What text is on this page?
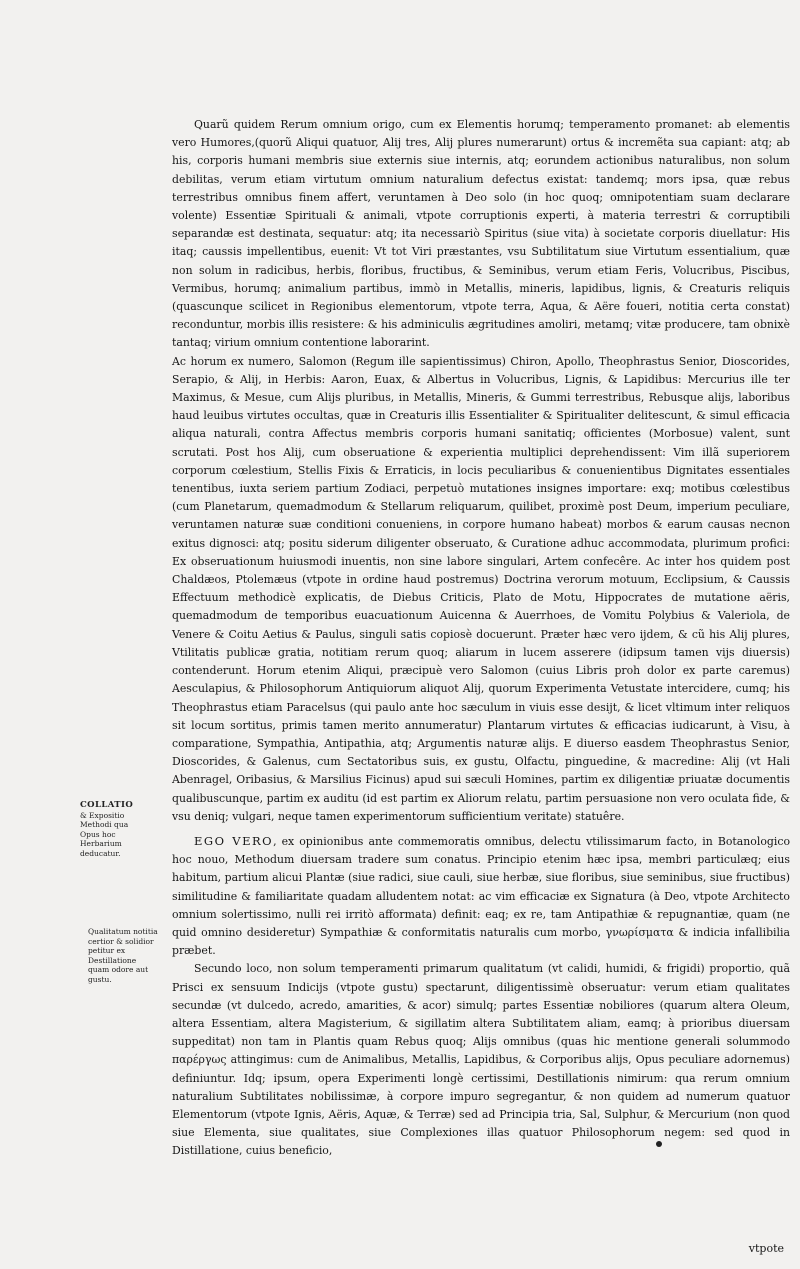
COLLATIO
& Expositio Methodi qua Opus hoc Herbarium deducatur.
Qualitatum notitia certior & solidior petitur ex Destillatione quam odore aut gustu.

Quarũ quidem Rerum omnium origo, cum ex Elementis horumq; temperamento promanet: ab elementis vero Humores,(quorũ Aliqui quatuor, Alij tres, Alij plures numerarunt) ortus & incremẽta sua capiant: atq; ab his, corporis humani membris siue externis siue internis, atq; eorundem actionibus naturalibus, non solum debilitas, verum etiam virtutum omnium naturalium defectus existat: tandemq; mors ipsa, quæ rebus terrestribus omnibus finem affert, veruntamen à Deo solo (in hoc quoq; omnipotentiam suam declarare volente) Essentiæ Spirituali & animali, vtpote corruptionis experti, à materia terrestri & corruptibili separandæ est destinata, sequatur: atq; ita necessariò Spiritus (siue vita) à societate corporis diuellatur: His itaq; caussis impellentibus, euenit: Vt tot Viri præstantes, vsu Subtilitatum siue Virtutum essentialium, quæ non solum in radicibus, herbis, floribus, fructibus, & Seminibus, verum etiam Feris, Volucribus, Piscibus, Vermibus, horumq; animalium partibus, immò in Metallis, mineris, lapidibus, lignis, & Creaturis reliquis (quascunque scilicet in Regionibus elementorum, vtpote terra, Aqua, & Aëre foueri, notitia certa constat) reconduntur, morbis illis resistere: & his adminiculis ægritudines amoliri, metamq; vitæ producere, tam obnixè tantaq; virium omnium contentione laborarint.

Ac horum ex numero, Salomon (Regum ille sapientissimus) Chiron, Apollo, Theophrastus Senior, Dioscorides, Serapio, & Alij, in Herbis: Aaron, Euax, & Albertus in Volucribus, Lignis, & Lapidibus: Mercurius ille ter Maximus, & Mesue, cum Alijs pluribus, in Metallis, Mineris, & Gummi terrestribus, Rebusque alijs, laboribus haud leuibus virtutes occultas, quæ in Creaturis illis Essentialiter & Spiritualiter delitescunt, & simul efficacia aliqua naturali, contra Affectus membris corporis humani sanitatiq; officientes (Morbosue) valent, sunt scrutati. Post hos Alij, cum obseruatione & experientia multiplici deprehendissent: Vim illã superiorem corporum cœlestium, Stellis Fixis & Erraticis, in locis peculiaribus & conuenientibus Dignitates essentiales tenentibus, iuxta seriem partium Zodiaci, perpetuò mutationes insignes importare: exq; motibus cœlestibus (cum Planetarum, quemadmodum & Stellarum reliquarum, quilibet, proximè post Deum, imperium peculiare, veruntamen naturæ suæ conditioni conueniens, in corpore humano habeat) morbos & earum causas necnon exitus dignosci: atq; positu siderum diligenter obseruato, & Curatione adhuc accommodata, plurimum profici: Ex obseruationum huiusmodi inuentis, non sine labore singulari, Artem confecêre. Ac inter hos quidem post Chaldæos, Ptolemæus (vtpote in ordine haud postremus) Doctrina verorum motuum, Ecclipsium, & Caussis Effectuum methodicè explicatis, de Diebus Criticis, Plato de Motu, Hippocrates de mutatione aëris, quemadmodum de temporibus euacuationum Auicenna & Auerrhoes, de Vomitu Polybius & Valeriola, de Venere & Coitu Aetius & Paulus, singuli satis copiosè docuerunt. Præter hæc vero ijdem, & cũ his Alij plures, Vtilitatis publicæ gratia, notitiam rerum quoq; aliarum in lucem asserere (idipsum tamen vijs diuersis) contenderunt. Horum etenim Aliqui, præcipuè vero Salomon (cuius Libris proh dolor ex parte caremus) Aesculapius, & Philosophorum Antiquiorum aliquot Alij, quorum Experimenta Vetustate intercidere, cumq; his Theophrastus etiam Paracelsus (qui paulo ante hoc sæculum in viuis esse desijt, & licet vltimum inter reliquos sit locum sortitus, primis tamen merito annumeratur) Plantarum virtutes & efficacias iudicarunt, à Visu, à comparatione, Sympathia, Antipathia, atq; Argumentis naturæ alijs. E diuerso easdem Theophrastus Senior, Dioscorides, & Galenus, cum Sectatoribus suis, ex gustu, Olfactu, pinguedine, & macredine: Alij (vt Hali Abenragel, Oribasius, & Marsilius Ficinus) apud sui sæculi Homines, partim ex diligentiæ priuatæ documentis qualibuscunque, partim ex auditu (id est partim ex Aliorum relatu, partim persuasione non vero oculata fide, & vsu deniq; vulgari, neque tamen experimentorum sufficientium veritate) statuêre.

EGO VERO, ex opinionibus ante commemoratis omnibus, delectu vtilissimarum facto, in Botanologico hoc nouo, Methodum diuersam tradere sum conatus. Principio etenim hæc ipsa, membri particulæq; eius habitum, partium alicui Plantæ (siue radici, siue cauli, siue herbæ, siue floribus, siue seminibus, siue fructibus) similitudine & familiaritate quadam alludentem notat: ac vim efficaciæ ex Signatura (à Deo, vtpote Architecto omnium solertissimo, nulli rei irritò afformata) definit: eaq; ex re, tam Antipathiæ & repugnantiæ, quam (ne quid omnino desideretur) Sympathiæ & conformitatis naturalis cum morbo, γνωρίσματα & indicia infallibilia præbet.

Secundo loco, non solum temperamenti primarum qualitatum (vt calidi, humidi, & frigidi) proportio, quã Prisci ex sensuum Indicijs (vtpote gustu) spectarunt, diligentissimè obseruatur: verum etiam qualitates secundæ (vt dulcedo, acredo, amarities, & acor) simulq; partes Essentiæ nobiliores (quarum altera Oleum, altera Essentiam, altera Magisterium, & sigillatim altera Subtilitatem aliam, eamq; à prioribus diuersam suppeditat) non tam in Plantis quam Rebus quoq; Alijs omnibus (quas hic mentione generali solummodo παρέργως attingimus: cum de Animalibus, Metallis, Lapidibus, & Corporibus alijs, Opus peculiare adornemus) definiuntur. Idq; ipsum, opera Experimenti longè certissimi, Destillationis nimirum: qua rerum omnium naturalium Subtilitates nobilissimæ, à corpore impuro segregantur, & non quidem ad numerum quatuor Elementorum (vtpote Ignis, Aëris, Aquæ, & Terræ) sed ad Principia tria, Sal, Sulphur, & Mercurium (non quod siue Elementa, siue qualitates, siue Complexiones illas quatuor Philosophorum negem: sed quod in Distillatione, cuius beneficio,

vtpote
